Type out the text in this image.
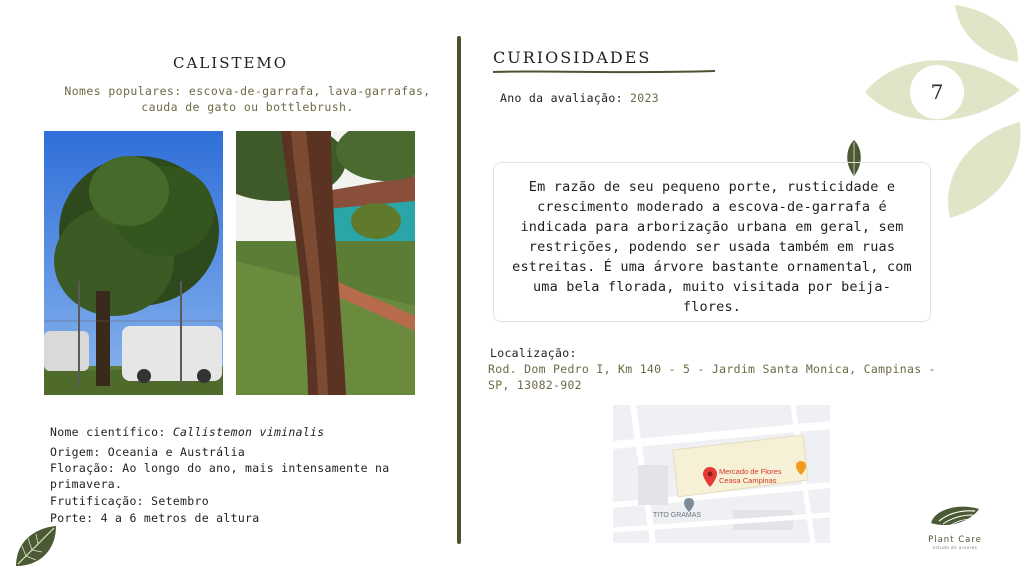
7
CALISTEMO
Nomes populares: escova-de-garrafa, lava-garrafas, cauda de gato ou bottlebrush.
Nome científico: Callistemon viminalis
Origem: Oceania e Austrália
Floração: Ao longo do ano, mais intensamente na primavera.
Frutificação: Setembro
Porte: 4 a 6 metros de altura
CURIOSIDADES
Ano da avaliação: 2023
Em razão de seu pequeno porte, rusticidade e crescimento moderado a escova-de-garrafa é indicada para arborização urbana em geral, sem restrições, podendo ser usada também em ruas estreitas. É uma árvore bastante ornamental, com uma bela florada, muito visitada por beija-flores.
Localização:
Rod. Dom Pedro I, Km 140 - 5 - Jardim Santa Monica, Campinas - SP, 13082-902
Mercado de Flores
Ceasa Campinas
TITO GRAMAS
Plant Care
estudo de arvores
